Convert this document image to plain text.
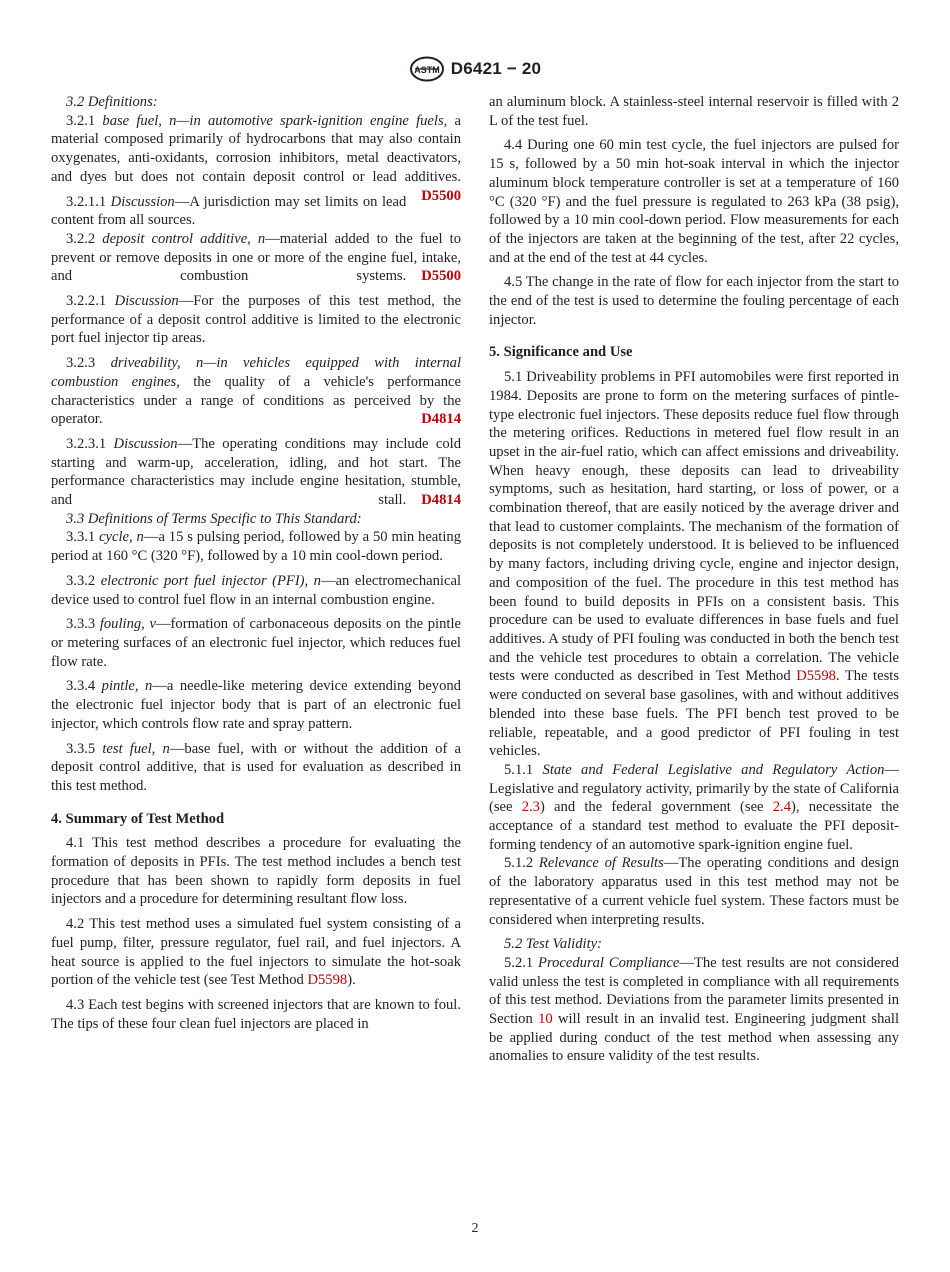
ASTM D6421 − 20

3.2 Definitions:

3.2.1 base fuel, n—in automotive spark-ignition engine fuels, a material composed primarily of hydrocarbons that may also contain oxygenates, anti-oxidants, corrosion inhibitors, metal deactivators, and dyes but does not contain deposit control or lead additives.
D5500

3.2.1.1 Discussion—A jurisdiction may set limits on lead content from all sources.

3.2.2 deposit control additive, n—material added to the fuel to prevent or remove deposits in one or more of the engine fuel, intake, and combustion systems.	D5500

3.2.2.1 Discussion—For the purposes of this test method, the performance of a deposit control additive is limited to the electronic port fuel injector tip areas.

3.2.3 driveability, n—in vehicles equipped with internal combustion engines, the quality of a vehicle's performance characteristics under a range of conditions as perceived by the operator.	D4814

3.2.3.1 Discussion—The operating conditions may include cold starting and warm-up, acceleration, idling, and hot start. The performance characteristics may include engine hesitation, stumble, and stall.	D4814

3.3 Definitions of Terms Specific to This Standard:

3.3.1 cycle, n—a 15 s pulsing period, followed by a 50 min heating period at 160 °C (320 °F), followed by a 10 min cool-down period.

3.3.2 electronic port fuel injector (PFI), n—an electromechanical device used to control fuel flow in an internal combustion engine.

3.3.3 fouling, v—formation of carbonaceous deposits on the pintle or metering surfaces of an electronic fuel injector, which reduces fuel flow rate.

3.3.4 pintle, n—a needle-like metering device extending beyond the electronic fuel injector body that is part of an electronic fuel injector, which controls flow rate and spray pattern.

3.3.5 test fuel, n—base fuel, with or without the addition of a deposit control additive, that is used for evaluation as described in this test method.

4. Summary of Test Method

4.1 This test method describes a procedure for evaluating the formation of deposits in PFIs. The test method includes a bench test procedure that has been shown to rapidly form deposits in fuel injectors and a procedure for determining resultant flow loss.

4.2 This test method uses a simulated fuel system consisting of a fuel pump, filter, pressure regulator, fuel rail, and fuel injectors. A heat source is applied to the fuel injectors to simulate the hot-soak portion of the vehicle test (see Test Method D5598).

4.3 Each test begins with screened injectors that are known to foul. The tips of these four clean fuel injectors are placed in

an aluminum block. A stainless-steel internal reservoir is filled with 2 L of the test fuel.

4.4 During one 60 min test cycle, the fuel injectors are pulsed for 15 s, followed by a 50 min hot-soak interval in which the injector aluminum block temperature controller is set at a temperature of 160 °C (320 °F) and the fuel pressure is regulated to 263 kPa (38 psig), followed by a 10 min cool-down period. Flow measurements for each of the injectors are taken at the beginning of the test, after 22 cycles, and at the end of the test at 44 cycles.

4.5 The change in the rate of flow for each injector from the start to the end of the test is used to determine the fouling percentage of each injector.

5. Significance and Use

5.1 Driveability problems in PFI automobiles were first reported in 1984. Deposits are prone to form on the metering surfaces of pintle-type electronic fuel injectors. These deposits reduce fuel flow through the metering orifices. Reductions in metered fuel flow result in an upset in the air-fuel ratio, which can affect emissions and driveability. When heavy enough, these deposits can lead to driveability symptoms, such as hesitation, hard starting, or loss of power, or a combination thereof, that are easily noticed by the average driver and that lead to customer complaints. The mechanism of the formation of deposits is not completely understood. It is believed to be influenced by many factors, including driving cycle, engine and injector design, and composition of the fuel. The procedure in this test method has been found to build deposits in PFIs on a consistent basis. This procedure can be used to evaluate differences in base fuels and fuel additives. A study of PFI fouling was conducted in both the bench test and the vehicle test procedures to obtain a correlation. The vehicle tests were conducted as described in Test Method D5598. The tests were conducted on several base gasolines, with and without additives blended into these base fuels. The PFI bench test proved to be reliable, repeatable, and a good predictor of PFI fouling in test vehicles.

5.1.1 State and Federal Legislative and Regulatory Action—Legislative and regulatory activity, primarily by the state of California (see 2.3) and the federal government (see 2.4), necessitate the acceptance of a standard test method to evaluate the PFI deposit-forming tendency of an automotive spark-ignition engine fuel.

5.1.2 Relevance of Results—The operating conditions and design of the laboratory apparatus used in this test method may not be representative of a current vehicle fuel system. These factors must be considered when interpreting results.

5.2 Test Validity:

5.2.1 Procedural Compliance—The test results are not considered valid unless the test is completed in compliance with all requirements of this test method. Deviations from the parameter limits presented in Section 10 will result in an invalid test. Engineering judgment shall be applied during conduct of the test method when assessing any anomalies to ensure validity of the test results.

2
